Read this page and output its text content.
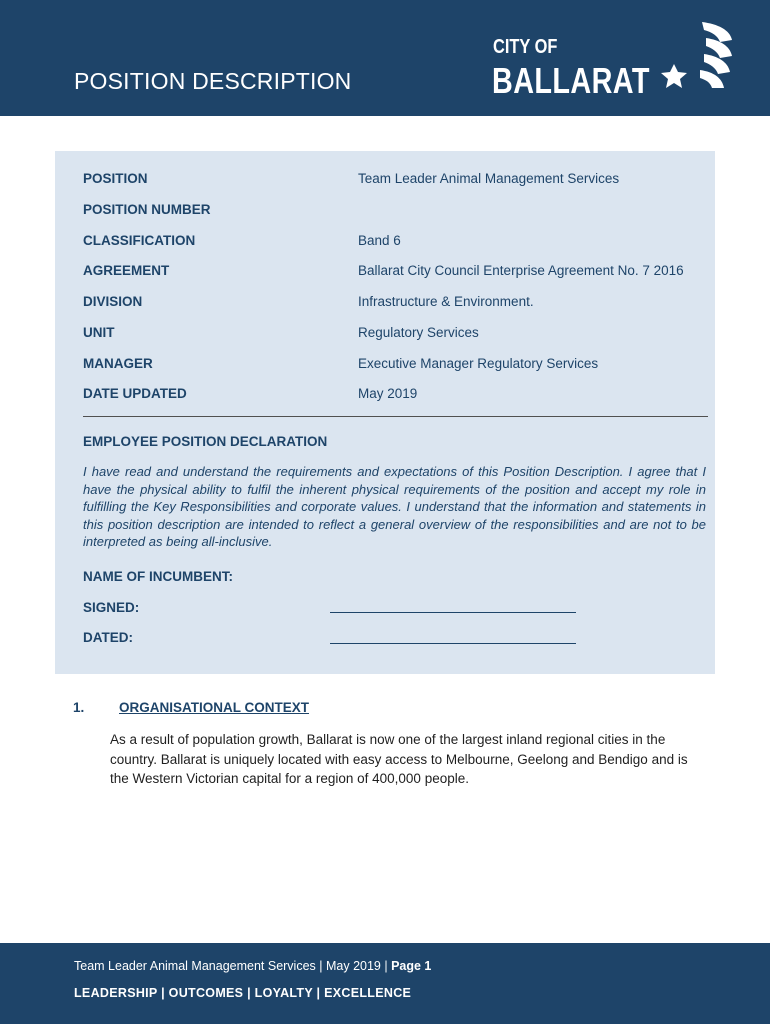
POSITION DESCRIPTION
CITY OF
BALLARAT
POSITION	Team Leader Animal Management Services
POSITION NUMBER
CLASSIFICATION	Band 6
AGREEMENT	Ballarat City Council Enterprise Agreement No. 7 2016
DIVISION	Infrastructure & Environment.
UNIT	Regulatory Services
MANAGER	Executive Manager Regulatory Services
DATE UPDATED	May 2019
EMPLOYEE POSITION DECLARATION
I have read and understand the requirements and expectations of this Position Description. I agree that I have the physical ability to fulfil the inherent physical requirements of the position and accept my role in fulfilling the Key Responsibilities and corporate values. I understand that the information and statements in this position description are intended to reflect a general overview of the responsibilities and are not to be interpreted as being all-inclusive.
NAME OF INCUMBENT:
SIGNED:
DATED:
1.	ORGANISATIONAL CONTEXT
As a result of population growth, Ballarat is now one of the largest inland regional cities in the country. Ballarat is uniquely located with easy access to Melbourne, Geelong and Bendigo and is the Western Victorian capital for a region of 400,000 people.
Team Leader Animal Management Services | May 2019 | Page 1
LEADERSHIP | OUTCOMES | LOYALTY | EXCELLENCE
